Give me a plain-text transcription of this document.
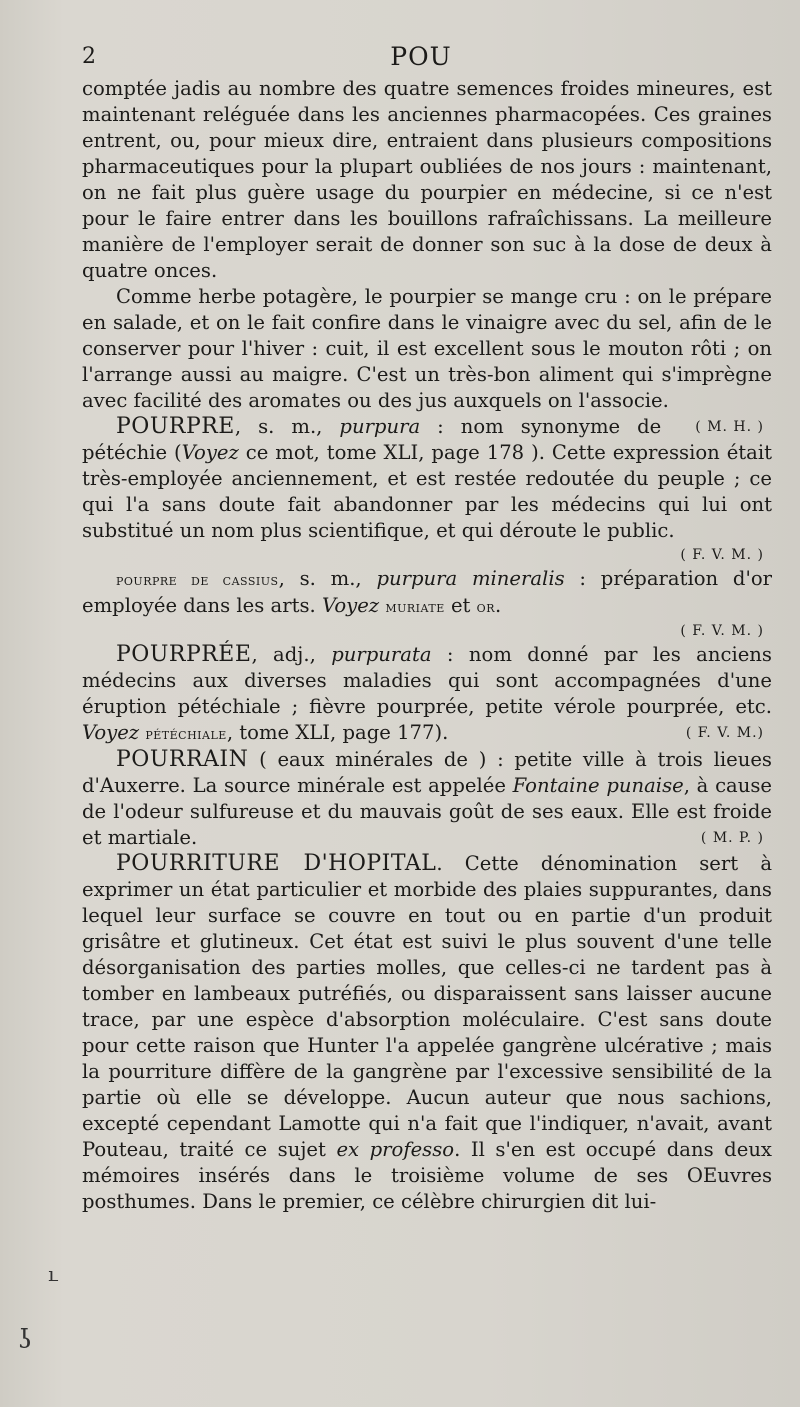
2	POU

comptée jadis au nombre des quatre semences froides mineures, est maintenant reléguée dans les anciennes pharmacopées. Ces graines entrent, ou, pour mieux dire, entraient dans plusieurs compositions pharmaceutiques pour la plupart oubliées de nos jours : maintenant, on ne fait plus guère usage du pourpier en médecine, si ce n'est pour le faire entrer dans les bouillons rafraîchissans. La meilleure manière de l'employer serait de donner son suc à la dose de deux à quatre onces.

Comme herbe potagère, le pourpier se mange cru : on le prépare en salade, et on le fait confire dans le vinaigre avec du sel, afin de le conserver pour l'hiver : cuit, il est excellent sous le mouton rôti ; on l'arrange aussi au maigre. C'est un très-bon aliment qui s'imprègne avec facilité des aromates ou des jus auxquels on l'associe.
( M. H. )

POURPRE, s. m., purpura : nom synonyme de pétéchie (Voyez ce mot, tome XLI, page 178 ). Cette expression était très-employée anciennement, et est restée redoutée du peuple ; ce qui l'a sans doute fait abandonner par les médecins qui lui ont substitué un nom plus scientifique, et qui déroute le public.

( F. V. M. )

pourpre de cassius, s. m., purpura mineralis : préparation d'or employée dans les arts. Voyez muriate et or.

( F. V. M. )

POURPRÉE, adj., purpurata : nom donné par les anciens médecins aux diverses maladies qui sont accompagnées d'une éruption pétéchiale ; fièvre pourprée, petite vérole pourprée, etc. Voyez pétéchiale, tome XLI, page 177).	( F. V. M.)

POURRAIN ( eaux minérales de ) : petite ville à trois lieues d'Auxerre. La source minérale est appelée Fontaine punaise, à cause de l'odeur sulfureuse et du mauvais goût de ses eaux. Elle est froide et martiale.	( M. P. )

POURRITURE D'HOPITAL. Cette dénomination sert à exprimer un état particulier et morbide des plaies suppurantes, dans lequel leur surface se couvre en tout ou en partie d'un produit grisâtre et glutineux. Cet état est suivi le plus souvent d'une telle désorganisation des parties molles, que celles-ci ne tardent pas à tomber en lambeaux putréfiés, ou disparaissent sans laisser aucune trace, par une espèce d'absorption moléculaire. C'est sans doute pour cette raison que Hunter l'a appelée gangrène ulcérative ; mais la pourriture diffère de la gangrène par l'excessive sensibilité de la partie où elle se développe. Aucun auteur que nous sachions, excepté cependant Lamotte qui n'a fait que l'indiquer, n'avait, avant Pouteau, traité ce sujet ex professo. Il s'en est occupé dans deux mémoires insérés dans le troisième volume de ses OEuvres posthumes. Dans le premier, ce célèbre chirurgien dit lui-

ւ
ʖ
